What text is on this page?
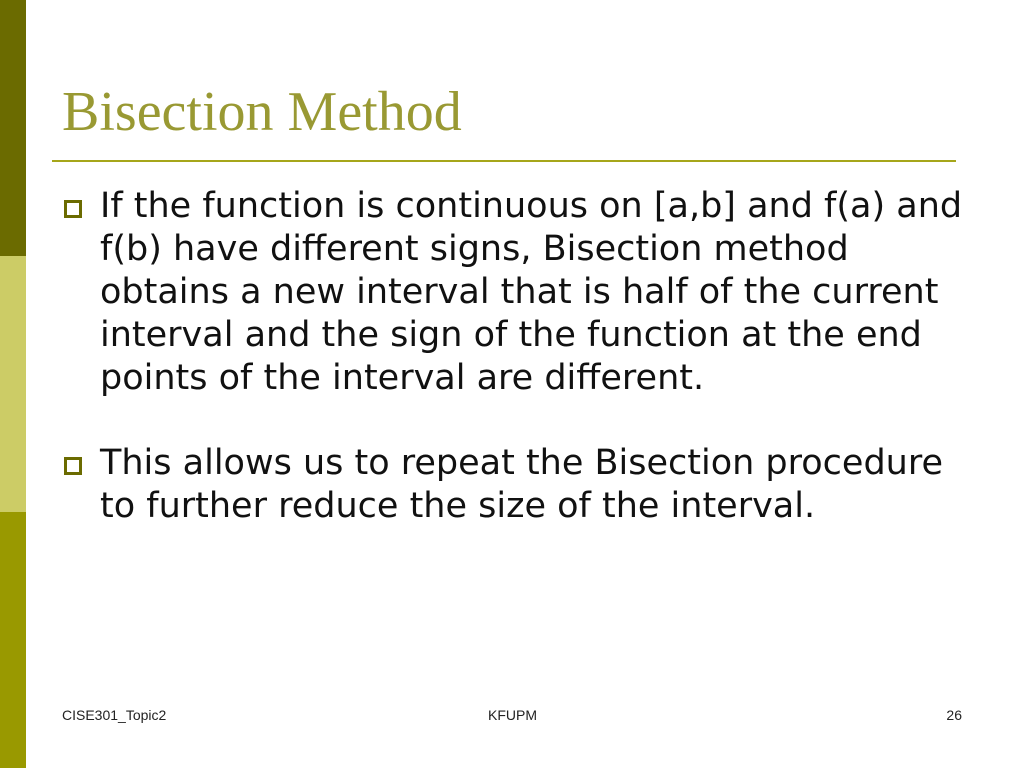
Bisection Method
If the function is continuous on [a,b] and f(a) and f(b) have different signs, Bisection method obtains a new interval that is half of the current interval and the sign of the function at the end points of the interval are different.
This allows us to repeat the Bisection procedure to further reduce the size of the interval.
CISE301_Topic2	KFUPM	26
